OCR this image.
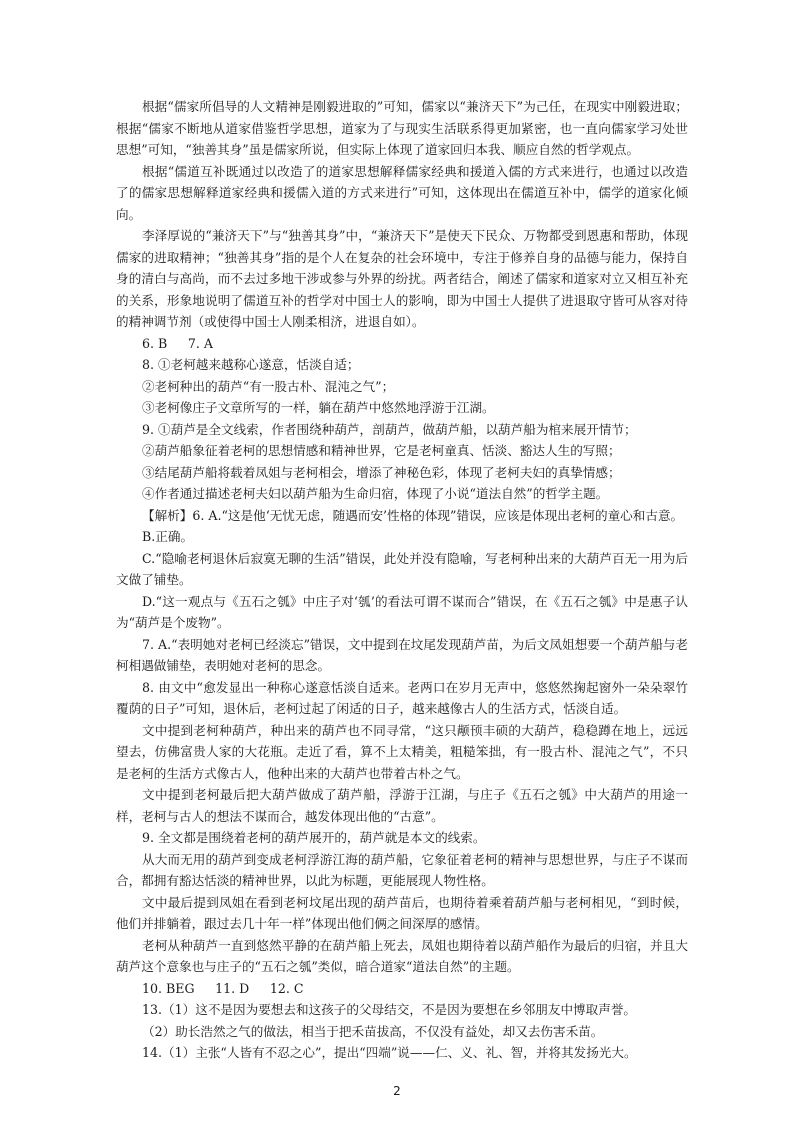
根据“儒家所倡导的人文精神是刚毅进取的”可知，儒家以“兼济天下”为己任，在现实中刚毅进取；根据“儒家不断地从道家借鉴哲学思想，道家为了与现实生活联系得更加紧密，也一直向儒家学习处世思想”可知，“独善其身”虽是儒家所说，但实际上体现了道家回归本我、顺应自然的哲学观点。

根据“儒道互补既通过以改造了的道家思想解释儒家经典和援道入儒的方式来进行，也通过以改造了的儒家思想解释道家经典和援儒入道的方式来进行”可知，这体现出在儒道互补中，儒学的道家化倾向。

李泽厚说的“兼济天下”与“独善其身”中，“兼济天下”是使天下民众、万物都受到恩惠和帮助，体现儒家的进取精神；“独善其身”指的是个人在复杂的社会环境中，专注于修养自身的品德与能力，保持自身的清白与高尚，而不去过多地干涉或参与外界的纷扰。两者结合，阐述了儒家和道家对立又相互补充的关系，形象地说明了儒道互补的哲学对中国士人的影响，即为中国士人提供了进退取守皆可从容对待的精神调节剂（或使得中国士人刚柔相济，进退自如）。

6. B　  7. A

8. ①老柯越来越称心遂意，恬淡自适；

②老柯种出的葫芦“有一股古朴、混沌之气”；

③老柯像庄子文章所写的一样，躺在葫芦中悠然地浮游于江湖。

9. ①葫芦是全文线索，作者围绕种葫芦，剖葫芦，做葫芦船，以葫芦船为棺来展开情节；

②葫芦船象征着老柯的思想情感和精神世界，它是老柯童真、恬淡、豁达人生的写照；

③结尾葫芦船将载着凤姐与老柯相会，增添了神秘色彩，体现了老柯夫妇的真挚情感；

④作者通过描述老柯夫妇以葫芦船为生命归宿，体现了小说“道法自然”的哲学主题。

【解析】6. A.“这是他‘无忧无虑，随遇而安’性格的体现”错误，应该是体现出老柯的童心和古意。

B.正确。

C.“隐喻老柯退休后寂寞无聊的生活”错误，此处并没有隐喻，写老柯种出来的大葫芦百无一用为后文做了铺垫。

D.“这一观点与《五石之瓠》中庄子对‘瓠’的看法可谓不谋而合”错误，在《五石之瓠》中是惠子认为“葫芦是个废物”。

7. A.“表明她对老柯已经淡忘”错误，文中提到在坟尾发现葫芦苗，为后文凤姐想要一个葫芦船与老柯相遇做铺垫，表明她对老柯的思念。

8. 由文中“愈发显出一种称心遂意恬淡自适来。老两口在岁月无声中，悠悠然掬起窗外一朵朵翠竹覆荫的日子”可知，退休后，老柯过起了闲适的日子，越来越像古人的生活方式，恬淡自适。

文中提到老柯种葫芦，种出来的葫芦也不同寻常，“这只颟顸丰硕的大葫芦，稳稳蹲在地上，远远望去，仿佛富贵人家的大花瓶。走近了看，算不上太精美，粗糙笨拙，有一股古朴、混沌之气”，不只是老柯的生活方式像古人，他种出来的大葫芦也带着古朴之气。

文中提到老柯最后把大葫芦做成了葫芦船，浮游于江湖，与庄子《五石之瓠》中大葫芦的用途一样，老柯与古人的想法不谋而合，越发体现出他的“古意”。

9. 全文都是围绕着老柯的葫芦展开的，葫芦就是本文的线索。

从大而无用的葫芦到变成老柯浮游江海的葫芦船，它象征着老柯的精神与思想世界，与庄子不谋而合，都拥有豁达恬淡的精神世界，以此为标题，更能展现人物性格。

文中最后提到凤姐在看到老柯坟尾出现的葫芦苗后，也期待着乘着葫芦船与老柯相见，“到时候，他们并排躺着，跟过去几十年一样”体现出他们俩之间深厚的感情。

老柯从种葫芦一直到悠然平静的在葫芦船上死去，凤姐也期待着以葫芦船作为最后的归宿，并且大葫芦这个意象也与庄子的“五石之瓠”类似，暗合道家“道法自然”的主题。

10. BEG　  11. D　  12. C

13.（1）这不是因为要想去和这孩子的父母结交，不是因为要想在乡邻朋友中博取声誉。

（2）助长浩然之气的做法，相当于把禾苗拔高，不仅没有益处，却又去伤害禾苗。

14.（1）主张“人皆有不忍之心”，提出“四端”说——仁、义、礼、智，并将其发扬光大。

2
